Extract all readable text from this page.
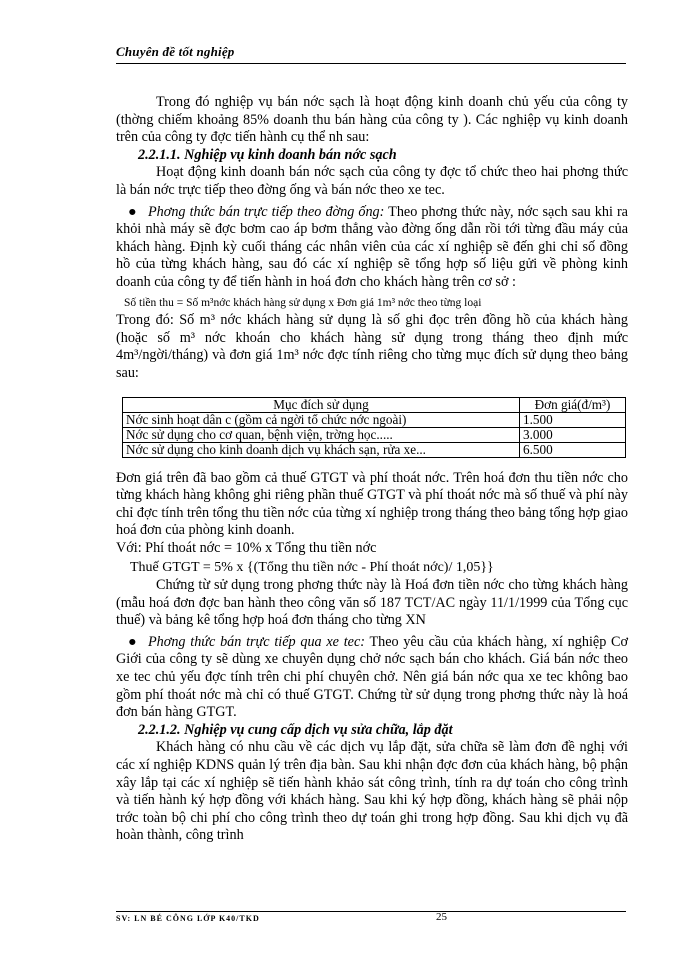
Chuyên đề tốt nghiệp

Trong đó nghiệp vụ bán nớc sạch là hoạt động kinh doanh chủ yếu của công ty (thờng chiếm khoảng 85% doanh thu bán hàng của công ty ). Các nghiệp vụ kinh doanh trên của công ty đợc tiến hành cụ thể nh sau:

2.2.1.1. Nghiệp vụ kinh doanh bán nớc sạch

Hoạt động kinh doanh bán nớc sạch của công ty đợc tổ chức theo hai phơng thức là bán nớc trực tiếp theo đờng ống và bán nớc theo xe tec.

● Phơng thức bán trực tiếp theo đờng ống: Theo phơng thức này, nớc sạch sau khi ra khỏi nhà máy sẽ đợc bơm cao áp bơm thẳng vào đờng ống dẫn rồi tới từng đầu máy của khách hàng. Định kỳ cuối tháng các nhân viên của các xí nghiệp sẽ đến ghi chỉ số đồng hồ của từng khách hàng, sau đó các xí nghiệp sẽ tổng hợp số liệu gửi về phòng kinh doanh của công ty để tiến hành in hoá đơn cho khách hàng trên cơ sở :

Số tiền thu = Số m³nớc khách hàng sử dụng x Đơn giá 1m³ nớc theo từng loại

Trong đó: Số m³ nớc khách hàng sử dụng là số ghi đọc trên đồng hồ của khách hàng (hoặc số m³ nớc khoán cho khách hàng sử dụng trong tháng theo định mức 4m³/ngời/tháng) và đơn giá 1m³ nớc đợc tính riêng cho từng mục đích sử dụng theo bảng sau:

Mục đích sử dụng	Đơn giá(đ/m³)
Nớc sinh hoạt dân c (gồm cả ngời tổ chức nớc ngoài)	1.500
Nớc sử dụng cho cơ quan, bệnh viện, trờng học.....	3.000
Nớc sử dụng cho kinh doanh dịch vụ khách sạn, rửa xe...	6.500

Đơn giá trên đã bao gồm cả thuế GTGT và phí thoát nớc. Trên hoá đơn thu tiền nớc cho từng khách hàng không ghi riêng phần thuế GTGT và phí thoát nớc mà số thuế và phí này chỉ đợc tính trên tổng thu tiền nớc của từng xí nghiệp trong tháng theo bảng tổng hợp giao hoá đơn của phòng kinh doanh.

Với: Phí thoát nớc = 10% x Tổng thu tiền nớc

Thuế GTGT = 5% x {(Tổng thu tiền nớc - Phí thoát nớc)/ 1,05}}

Chứng từ sử dụng trong phơng thức này là Hoá đơn tiền nớc cho từng khách hàng (mẫu hoá đơn đợc ban hành theo công văn số 187 TCT/AC ngày 11/1/1999 của Tổng cục thuế) và bảng kê tổng hợp hoá đơn tháng cho từng XN

● Phơng thức bán trực tiếp qua xe tec: Theo yêu cầu của khách hàng, xí nghiệp Cơ Giới của công ty sẽ dùng xe chuyên dụng chở nớc sạch bán cho khách. Giá bán nớc theo xe tec chủ yếu đợc tính trên chi phí chuyên chở. Nên giá bán nớc qua xe tec không bao gồm phí thoát nớc mà chỉ có thuế GTGT. Chứng từ sử dụng trong phơng thức này là hoá đơn bán hàng GTGT.

2.2.1.2. Nghiệp vụ cung cấp dịch vụ sửa chữa, lắp đặt

Khách hàng có nhu cầu về các dịch vụ lắp đặt, sửa chữa sẽ làm đơn đề nghị với các xí nghiệp KDNS quản lý trên địa bàn. Sau khi nhận đợc đơn của khách hàng, bộ phận xây lắp tại các xí nghiệp sẽ tiến hành khảo sát công trình, tính ra dự toán cho công trình và tiến hành ký hợp đồng với khách hàng. Sau khi ký hợp đồng, khách hàng sẽ phải nộp trớc toàn bộ chi phí cho công trình theo dự toán ghi trong hợp đồng. Sau khi dịch vụ đã hoàn thành, công trình

SV: LN BÉ CÔNG LỚP K40/TKD	25
